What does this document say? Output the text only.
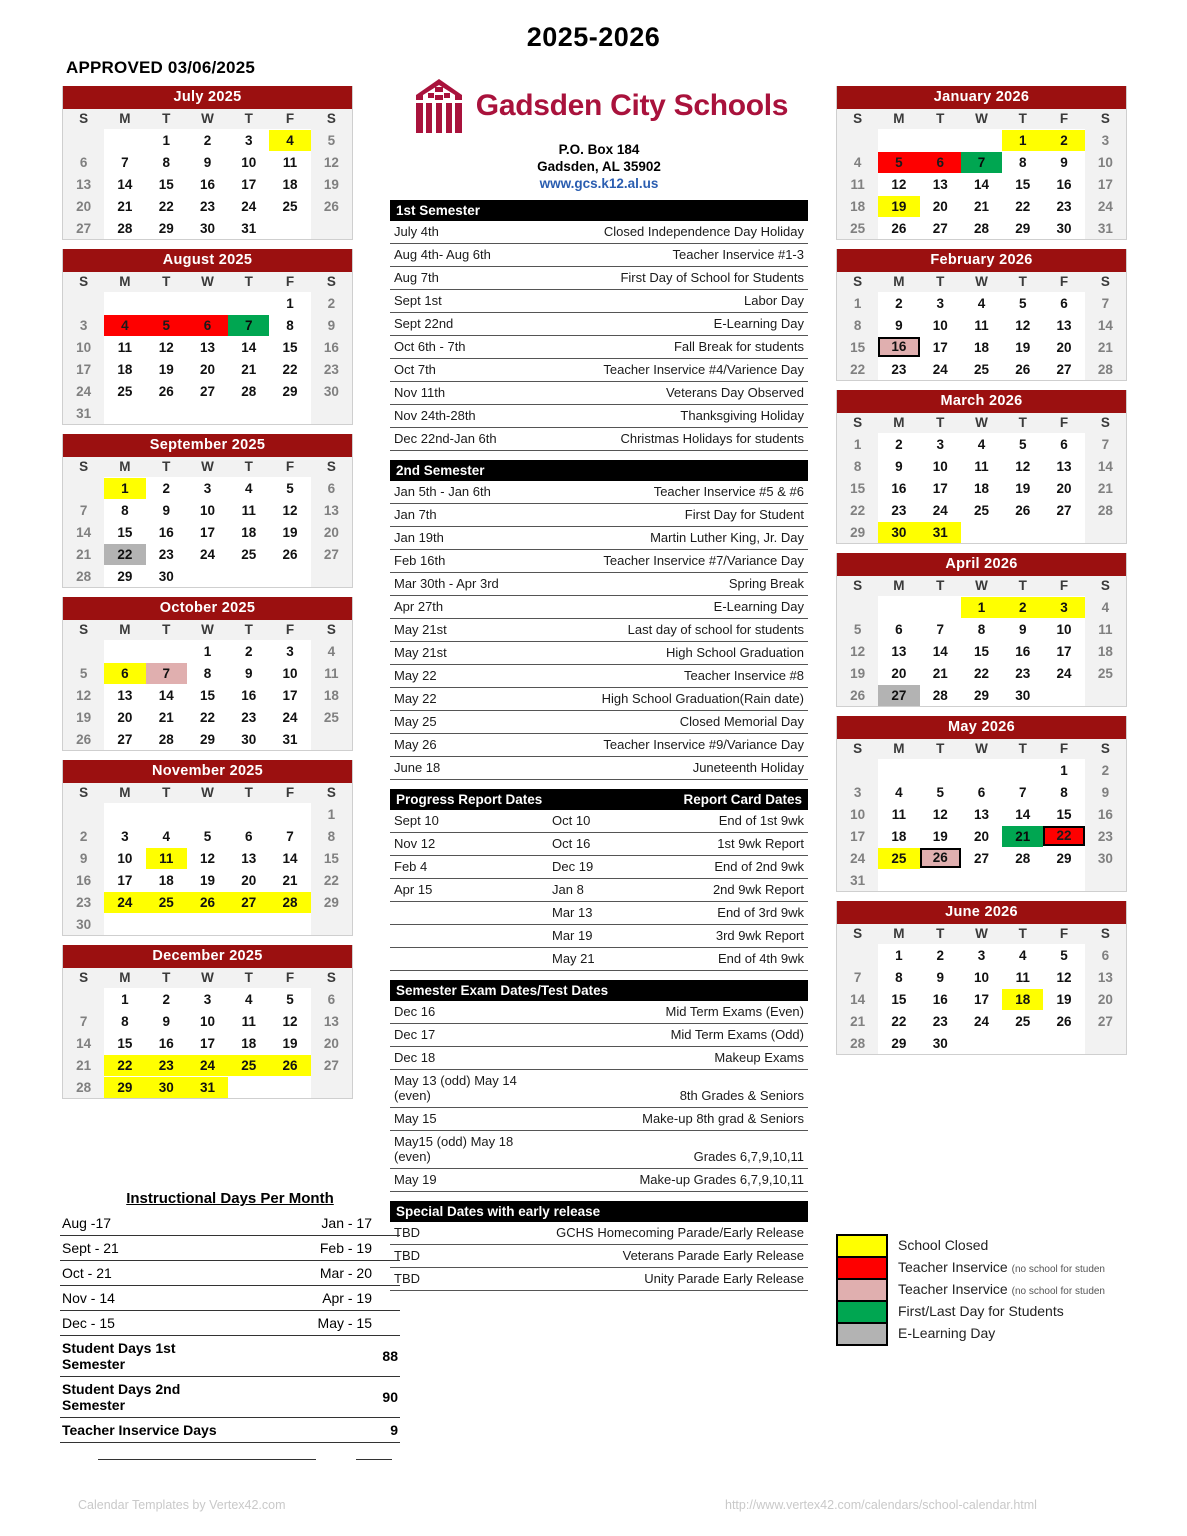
2025-2026
APPROVED 03/06/2025
July 2025
S	M	T	W	T	F	S

		1	2	3	4	5

6	7	8	9	10	11	12

13	14	15	16	17	18	19

20	21	22	23	24	25	26

27	28	29	30	31		

August 2025
S	M	T	W	T	F	S

					1	2

3	4	5	6	7	8	9

10	11	12	13	14	15	16

17	18	19	20	21	22	23

24	25	26	27	28	29	30

31						

September 2025
S	M	T	W	T	F	S

	1	2	3	4	5	6

7	8	9	10	11	12	13

14	15	16	17	18	19	20

21	22	23	24	25	26	27

28	29	30				

October 2025
S	M	T	W	T	F	S

			1	2	3	4

5	6	7	8	9	10	11

12	13	14	15	16	17	18

19	20	21	22	23	24	25

26	27	28	29	30	31	

November 2025
S	M	T	W	T	F	S

						1

2	3	4	5	6	7	8

9	10	11	12	13	14	15

16	17	18	19	20	21	22

23	24	25	26	27	28	29

30						

December 2025
S	M	T	W	T	F	S

	1	2	3	4	5	6

7	8	9	10	11	12	13

14	15	16	17	18	19	20

21	22	23	24	25	26	27

28	29	30	31			

Gadsden City Schools
P.O. Box 184
Gadsden, AL 35902
www.gcs.k12.al.us
1st Semester
July 4th	Closed Independence Day Holiday
Aug 4th- Aug 6th	Teacher Inservice #1-3
Aug 7th	First Day of School for Students
Sept 1st	Labor Day
Sept 22nd	E-Learning Day
Oct 6th - 7th	Fall Break for students
Oct 7th	Teacher Inservice #4/Varience Day
Nov 11th	Veterans Day Observed
Nov 24th-28th	Thanksgiving Holiday
Dec 22nd-Jan 6th	Christmas Holidays for students
2nd Semester
Jan 5th - Jan 6th	Teacher Inservice #5 & #6
Jan 7th	First Day for Student
Jan 19th	Martin Luther King, Jr. Day
Feb 16th	Teacher Inservice #7/Variance Day
Mar 30th - Apr 3rd	Spring Break
Apr 27th	E-Learning Day
May 21st	Last day of school for students
May 21st	High School Graduation
May 22	Teacher Inservice #8
May 22	High School Graduation(Rain date)
May 25	Closed Memorial Day
May 26	Teacher Inservice #9/Variance Day
June 18	Juneteenth Holiday
Progress Report Dates	Report Card Dates
Sept 10	Oct 10	End of 1st 9wk
Nov 12	Oct 16	1st 9wk Report
Feb 4	Dec 19	End of 2nd 9wk
Apr 15	Jan 8	2nd 9wk Report
	Mar 13	End of 3rd 9wk
	Mar 19	3rd 9wk Report
	May 21	End of 4th 9wk
Semester Exam Dates/Test Dates
Dec 16	Mid Term Exams (Even)
Dec 17	Mid Term Exams (Odd)
Dec 18	Makeup Exams
May 13 (odd) May 14 (even)	8th Grades & Seniors
May 15	Make-up 8th grad & Seniors
May15 (odd) May 18 (even)	Grades 6,7,9,10,11
May 19	Make-up Grades 6,7,9,10,11
Special Dates with early release
TBD	GCHS Homecoming Parade/Early Release
TBD	Veterans Parade Early Release
TBD	Unity Parade Early Release
January 2026
S	M	T	W	T	F	S

				1	2	3

4	5	6	7	8	9	10

11	12	13	14	15	16	17

18	19	20	21	22	23	24

25	26	27	28	29	30	31
February 2026
S	M	T	W	T	F	S

1	2	3	4	5	6	7

8	9	10	11	12	13	14

15	16	17	18	19	20	21

22	23	24	25	26	27	28
March 2026
S	M	T	W	T	F	S

1	2	3	4	5	6	7

8	9	10	11	12	13	14

15	16	17	18	19	20	21

22	23	24	25	26	27	28

29	30	31				

April 2026
S	M	T	W	T	F	S

			1	2	3	4

5	6	7	8	9	10	11

12	13	14	15	16	17	18

19	20	21	22	23	24	25

26	27	28	29	30		

May 2026
S	M	T	W	T	F	S

					1	2

3	4	5	6	7	8	9

10	11	12	13	14	15	16

17	18	19	20	21	22	23

24	25	26	27	28	29	30

31						

June 2026
S	M	T	W	T	F	S

	1	2	3	4	5	6

7	8	9	10	11	12	13

14	15	16	17	18	19	20

21	22	23	24	25	26	27

28	29	30				

Instructional Days Per Month
Aug -17	Jan - 17
Sept - 21	Feb - 19
Oct - 21	Mar - 20
Nov - 14	Apr - 19
Dec - 15	May - 15
Student Days 1st Semester	88
Student Days 2nd Semester	90
Teacher Inservice Days	9
School Closed
Teacher Inservice (no school for studen
Teacher Inservice (no school for studen
First/Last Day for Students
E-Learning Day
Calendar Templates by Vertex42.com	http://www.vertex42.com/calendars/school-calendar.html
